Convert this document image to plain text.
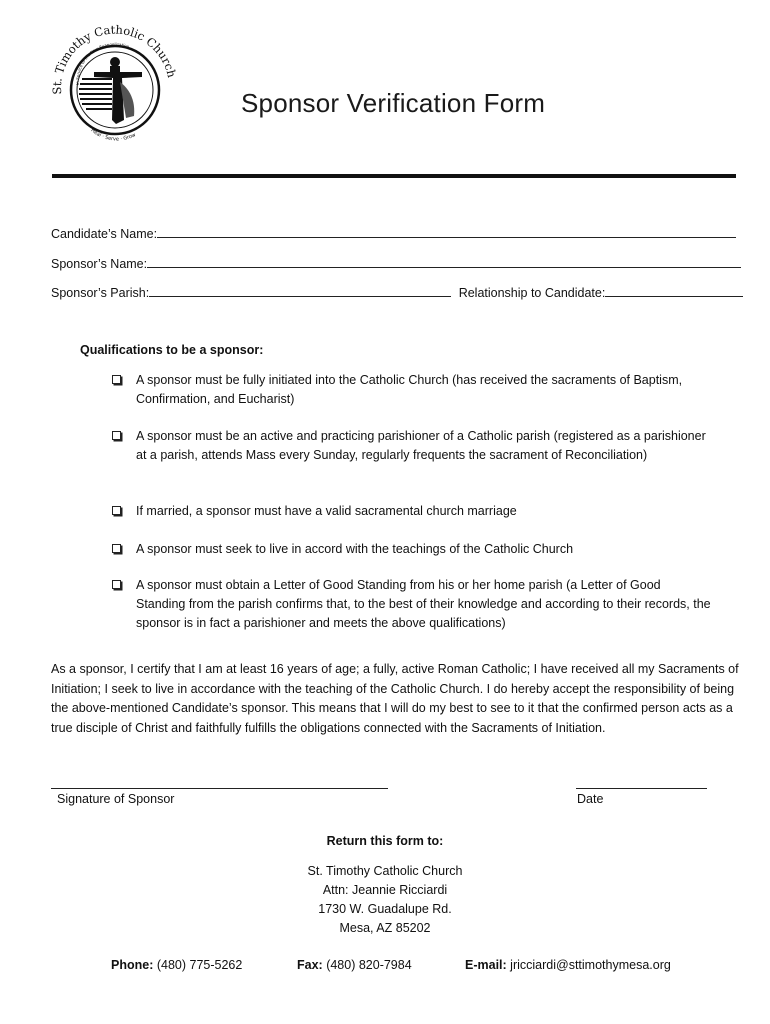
St. Timothy Catholic Church
In Service to the New Evangelization
Heal · Serve · Grow
Sponsor Verification Form
Candidate’s Name:
Sponsor’s Name:
Sponsor’s Parish:	Relationship to Candidate:
Qualifications to be a sponsor:
A sponsor must be fully initiated into the Catholic Church (has received the sacraments of Baptism, Confirmation, and Eucharist)
A sponsor must be an active and practicing parishioner of a Catholic parish (registered as a parishioner at a parish, attends Mass every Sunday, regularly frequents the sacrament of Reconciliation)
If married, a sponsor must have a valid sacramental church marriage
A sponsor must seek to live in accord with the teachings of the Catholic Church
A sponsor must obtain a Letter of Good Standing from his or her home parish (a Letter of Good Standing from the parish confirms that, to the best of their knowledge and according to their records, the sponsor is in fact a parishioner and meets the above qualifications)
As a sponsor, I certify that I am at least 16 years of age; a fully, active Roman Catholic; I have received all my Sacraments of Initiation; I seek to live in accordance with the teaching of the Catholic Church. I do hereby accept the responsibility of being the above-mentioned Candidate’s sponsor. This means that I will do my best to see to it that the confirmed person acts as a true disciple of Christ and faithfully fulfills the obligations connected with the Sacraments of Initiation.
Signature of Sponsor	Date
Return this form to:
St. Timothy Catholic Church
Attn: Jeannie Ricciardi
1730 W. Guadalupe Rd.
Mesa, AZ 85202
Phone: (480) 775-5262	Fax: (480) 820-7984	E-mail: jricciardi@sttimothymesa.org
